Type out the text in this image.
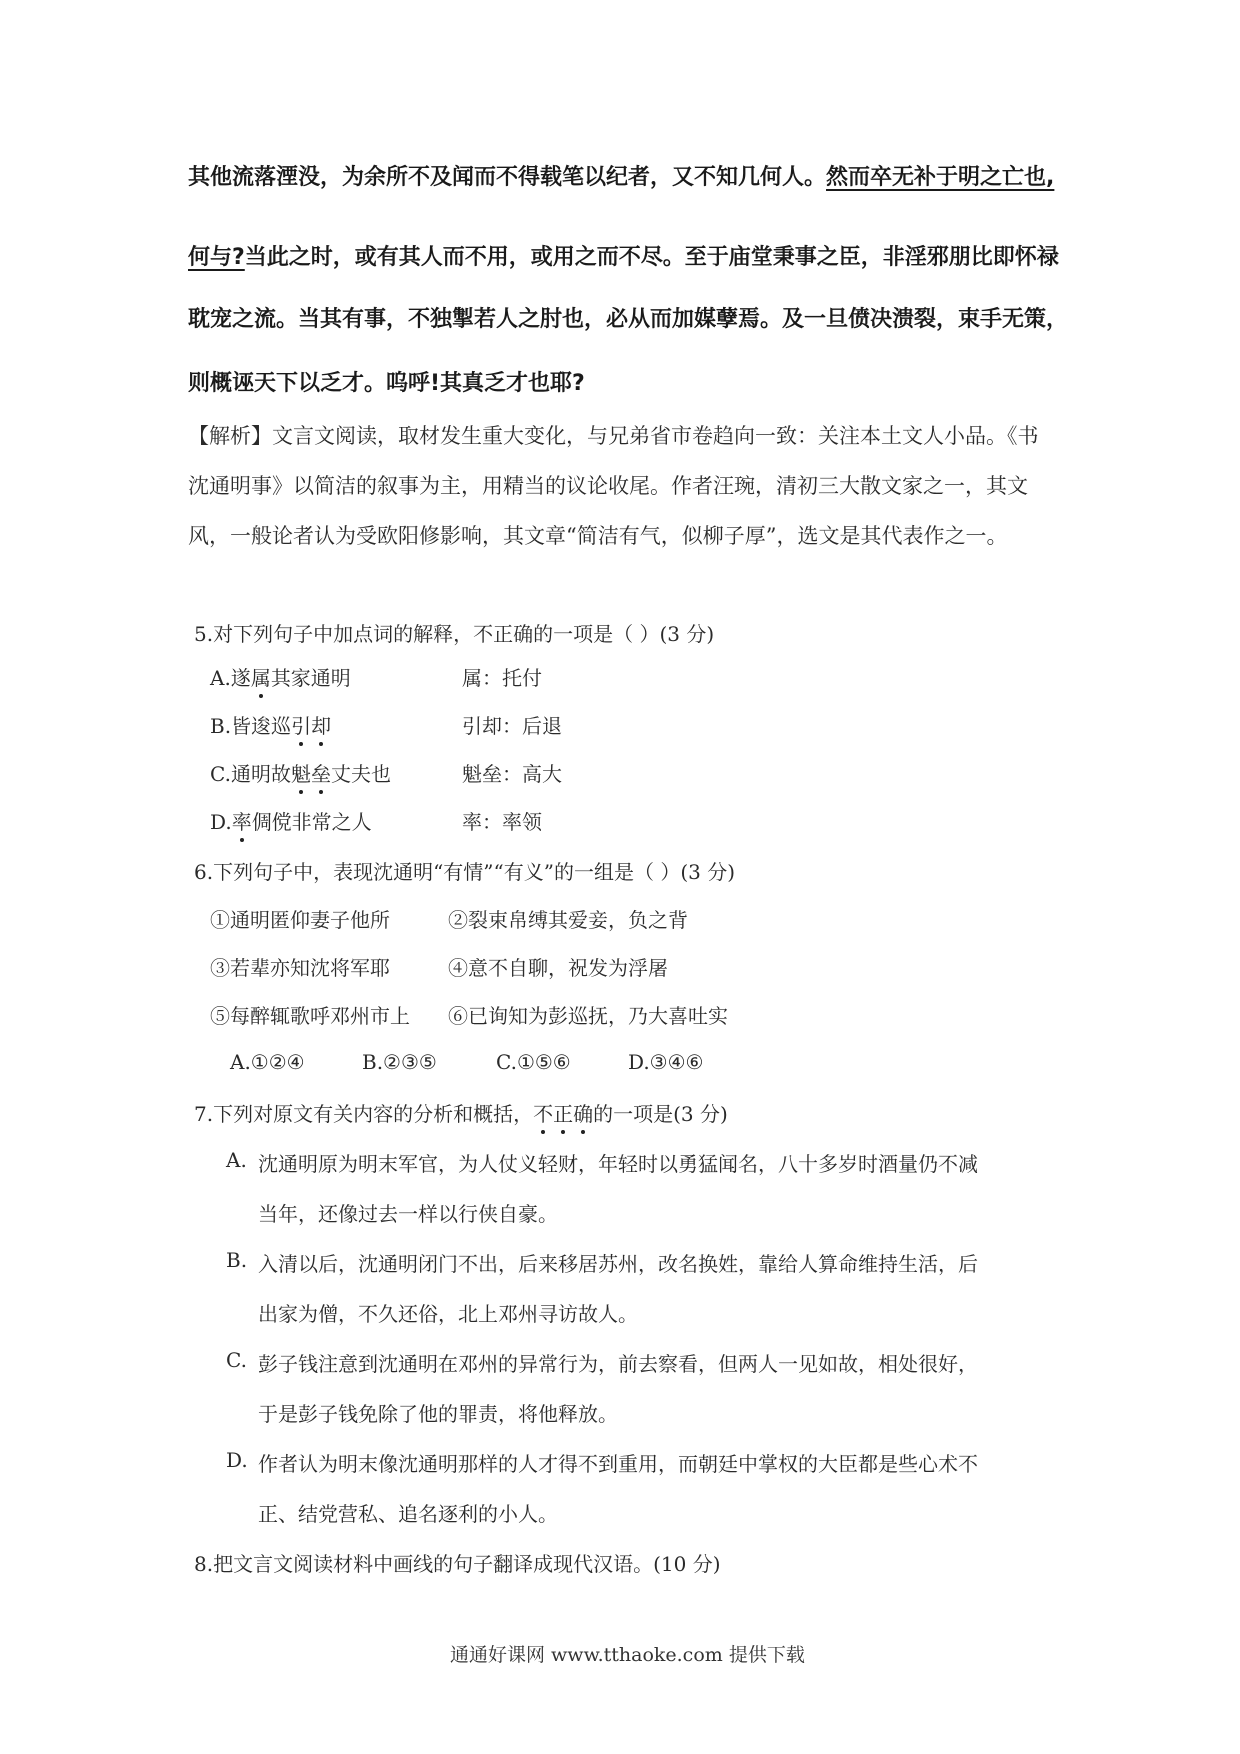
其他流落湮没，为余所不及闻而不得载笔以纪者，又不知几何人。然而卒无补于明之亡也,
何与?当此之时，或有其人而不用，或用之而不尽。至于庙堂秉事之臣，非淫邪朋比即怀禄
耽宠之流。当其有事，不独掣若人之肘也，必从而加媒孽焉。及一旦偾决溃裂，束手无策，
则概诬天下以乏才。呜呼!其真乏才也耶?
【解析】文言文阅读，取材发生重大变化，与兄弟省市卷趋向一致：关注本土文人小品。《书
沈通明事》以简洁的叙事为主，用精当的议论收尾。作者汪琬，清初三大散文家之一，其文
风，一般论者认为受欧阳修影响，其文章“简洁有气，似柳子厚”，选文是其代表作之一。
5.对下列句子中加点词的解释，不正确的一项是（ ）(3 分)
A.遂属其家通明	属：托付
B.皆逡巡引却	引却：后退
C.通明故魁垒丈夫也	魁垒：高大
D.率倜傥非常之人	率：率领
6.下列句子中，表现沈通明“有情”“有义”的一组是（ ）(3 分)
①通明匿仰妻子他所	②裂束帛缚其爱妾，负之背
③若辈亦知沈将军耶	④意不自聊，祝发为浮屠
⑤每醉辄歌呼邓州市上 ⑥已询知为彭巡抚，乃大喜吐实
A.①②④	B.②③⑤	C.①⑤⑥	D.③④⑥
7.下列对原文有关内容的分析和概括，不正确的一项是(3 分)
A. 沈通明原为明末军官，为人仗义轻财，年轻时以勇猛闻名，八十多岁时酒量仍不减
当年，还像过去一样以行侠自豪。
B. 入清以后，沈通明闭门不出，后来移居苏州，改名换姓，靠给人算命维持生活，后
出家为僧，不久还俗，北上邓州寻访故人。
C. 彭子钱注意到沈通明在邓州的异常行为，前去察看，但两人一见如故，相处很好，
于是彭子钱免除了他的罪责，将他释放。
D. 作者认为明末像沈通明那样的人才得不到重用，而朝廷中掌权的大臣都是些心术不
正、结党营私、追名逐利的小人。
8.把文言文阅读材料中画线的句子翻译成现代汉语。(10 分)
通通好课网 www.tthaoke.com 提供下载
